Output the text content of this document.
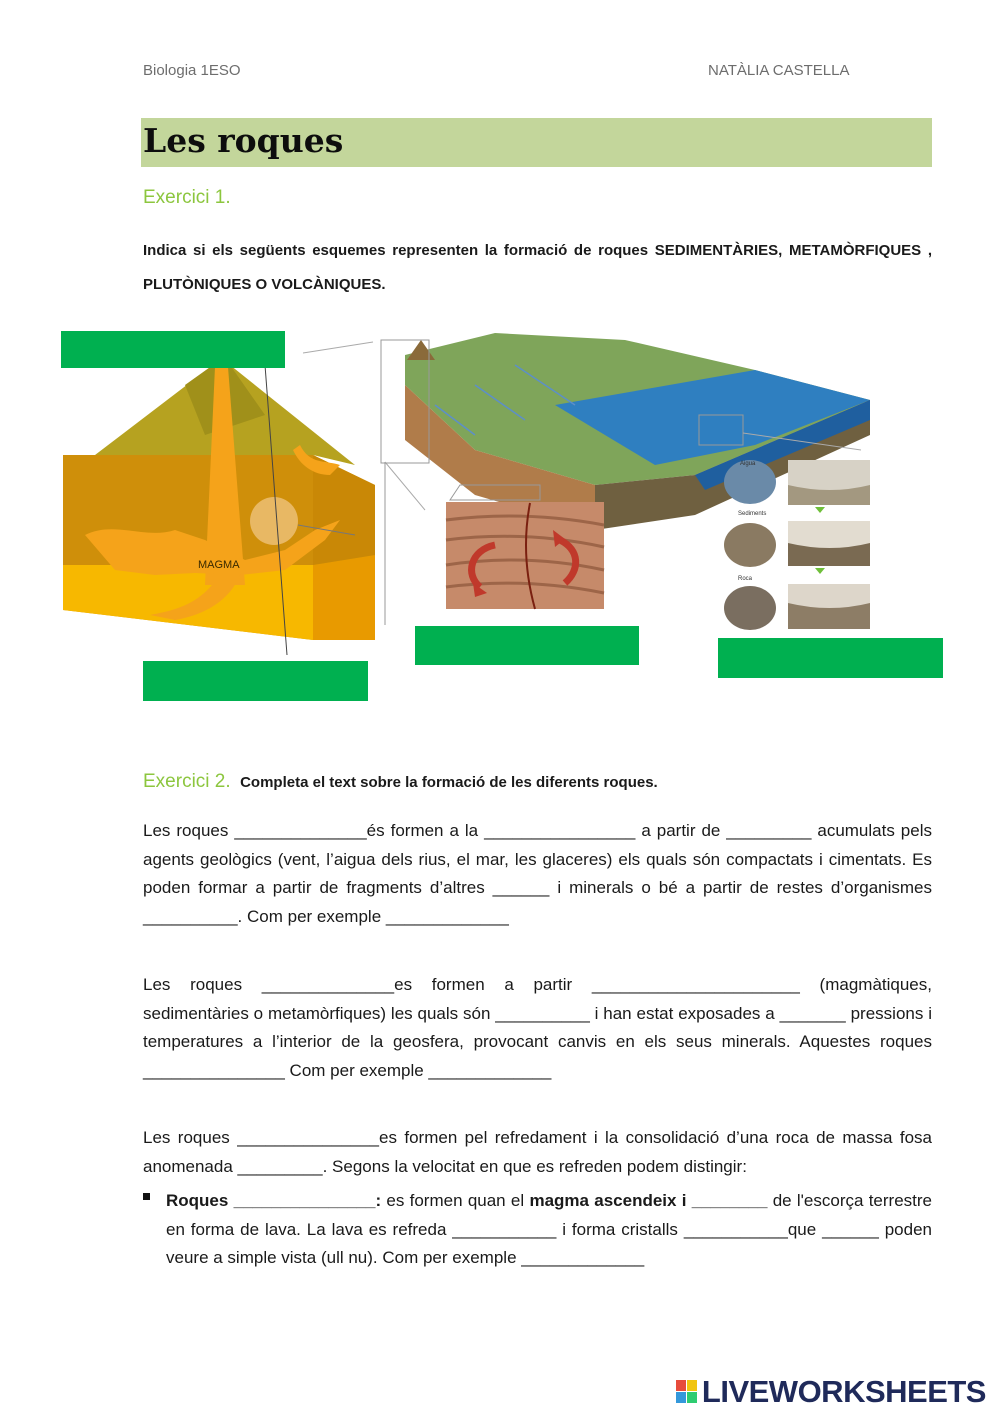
Biologia 1ESO	NATÀLIA CASTELLA
Les roques
Exercici 1.
Indica si els següents esquemes representen la formació de roques SEDIMENTÀRIES, METAMÒRFIQUES , PLUTÒNIQUES O VOLCÀNIQUES.
MAGMA
Aigua
Sediments
Roca
Exercici 2. Completa el text sobre la formació de les diferents roques.
Les roques ______________és formen a la ________________ a partir de _________ acumulats pels agents geològics (vent, l’aigua dels rius, el mar, les glaceres) els quals són compactats i cimentats. Es poden formar a partir de fragments d’altres ______ i minerals o bé a partir de restes d’organismes __________. Com per exemple _____________
Les roques ______________es formen a partir ______________________ (magmàtiques, sedimentàries o metamòrfiques) les quals són __________ i han estat exposades a _______ pressions i temperatures a l’interior de la geosfera, provocant canvis en els seus minerals. Aquestes roques _______________ Com per exemple _____________
Les roques _______________es formen pel refredament i la consolidació d’una roca de massa fosa anomenada _________. Segons la velocitat en que es refreden podem distingir:
Roques _______________: es formen quan el magma ascendeix i ________ de l'escorça terrestre en forma de lava. La lava es refreda ___________ i forma cristalls ___________que ______ poden veure a simple vista (ull nu). Com per exemple _____________
LIVEWORKSHEETS
